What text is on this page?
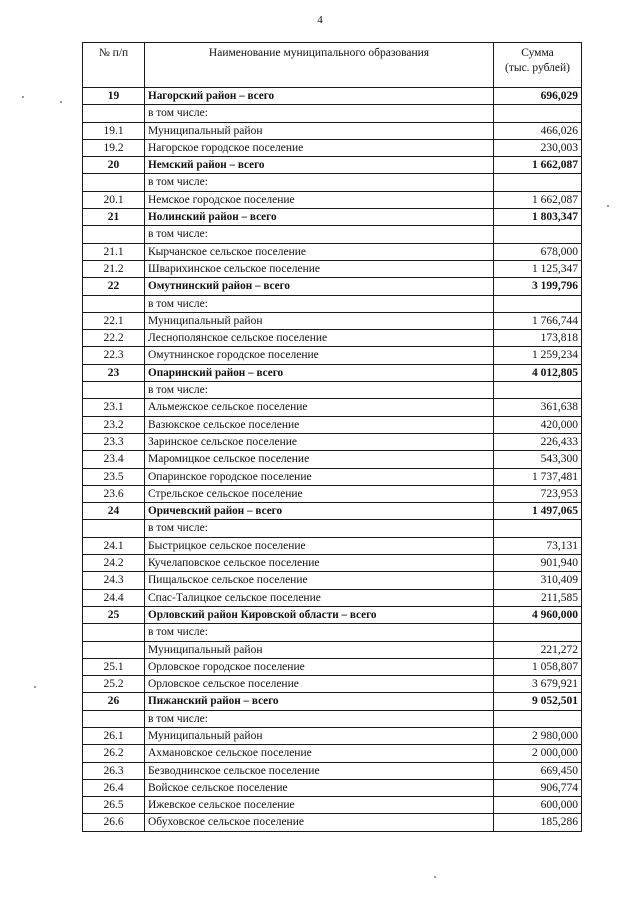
4
№ п/п	Наименование муниципального образования	Сумма
(тыс. рублей)

19	Нагорский район – всего	696,029
	в том числе:	
19.1	Муниципальный район	466,026
19.2	Нагорское городское поселение	230,003
20	Немский район – всего	1 662,087
	в том числе:	
20.1	Немское городское поселение	1 662,087
21	Нолинский район – всего	1 803,347
	в том числе:	
21.1	Кырчанское сельское поселение	678,000
21.2	Шварихинское сельское поселение	1 125,347
22	Омутнинский район – всего	3 199,796
	в том числе:	
22.1	Муниципальный район	1 766,744
22.2	Леснополянское сельское поселение	173,818
22.3	Омутнинское городское поселение	1 259,234
23	Опаринский район – всего	4 012,805
	в том числе:	
23.1	Альмежское сельское поселение	361,638
23.2	Вазюкское сельское поселение	420,000
23.3	Заринское сельское поселение	226,433
23.4	Маромицкое сельское поселение	543,300
23.5	Опаринское городское поселение	1 737,481
23.6	Стрельское сельское поселение	723,953
24	Оричевский район – всего	1 497,065
	в том числе:	
24.1	Быстрицкое сельское поселение	73,131
24.2	Кучелаповское сельское поселение	901,940
24.3	Пищальское сельское поселение	310,409
24.4	Спас-Талицкое сельское поселение	211,585
25	Орловский район Кировской области – всего	4 960,000
	в том числе:	
	Муниципальный район	221,272
25.1	Орловское городское поселение	1 058,807
25.2	Орловское сельское поселение	3 679,921
26	Пижанский район – всего	9 052,501
	в том числе:	
26.1	Муниципальный район	2 980,000
26.2	Ахмановское сельское поселение	2 000,000
26.3	Безводнинское сельское поселение	669,450
26.4	Войское сельское поселение	906,774
26.5	Ижевское сельское поселение	600,000
26.6	Обуховское сельское поселение	185,286
